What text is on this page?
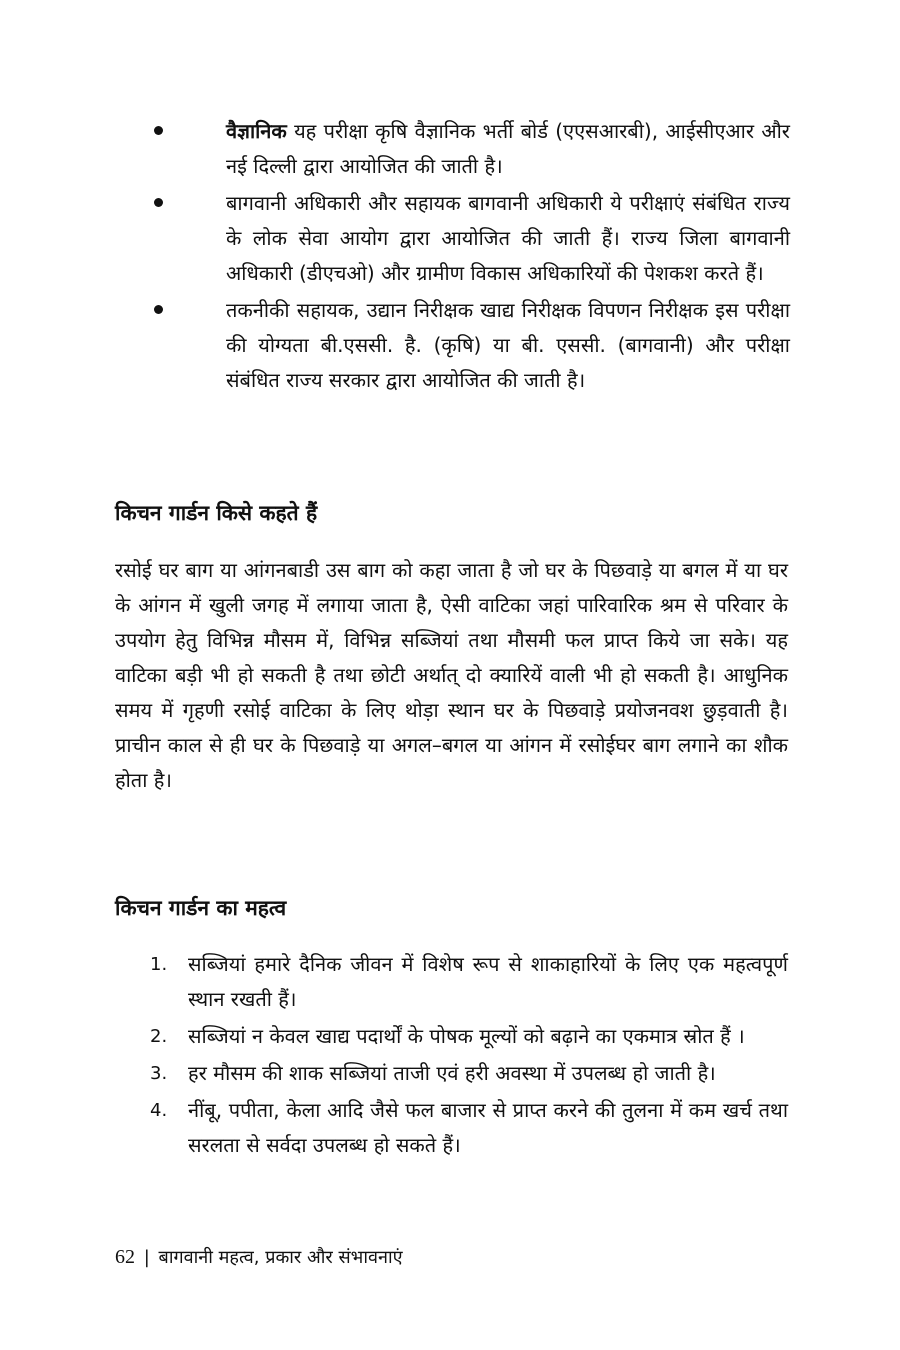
वैज्ञानिक यह परीक्षा कृषि वैज्ञानिक भर्ती बोर्ड (एएसआरबी), आईसीएआर और नई दिल्ली द्वारा आयोजित की जाती है।
बागवानी अधिकारी और सहायक बागवानी अधिकारी ये परीक्षाएं संबंधित राज्य के लोक सेवा आयोग द्वारा आयोजित की जाती हैं। राज्य जिला बागवानी अधिकारी (डीएचओ) और ग्रामीण विकास अधिकारियों की पेशकश करते हैं।
तकनीकी सहायक, उद्यान निरीक्षक खाद्य निरीक्षक विपणन निरीक्षक इस परीक्षा की योग्यता बी.एससी. है. (कृषि) या बी. एससी. (बागवानी) और परीक्षा संबंधित राज्य सरकार द्वारा आयोजित की जाती है।
किचन गार्डन किसे कहते हैं
रसोई घर बाग या आंगनबाडी उस बाग को कहा जाता है जो घर के पिछवाड़े या बगल में या घर के आंगन में खुली जगह में लगाया जाता है, ऐसी वाटिका जहां पारिवारिक श्रम से परिवार के उपयोग हेतु विभिन्न मौसम में, विभिन्न सब्जियां तथा मौसमी फल प्राप्त किये जा सके। यह वाटिका बड़ी भी हो सकती है तथा छोटी अर्थात् दो क्यारियें वाली भी हो सकती है। आधुनिक समय में गृहणी रसोई वाटिका के लिए थोड़ा स्थान घर के पिछवाड़े प्रयोजनवश छुड़वाती है। प्राचीन काल से ही घर के पिछवाड़े या अगल–बगल या आंगन में रसोईघर बाग लगाने का शौक होता है।
किचन गार्डन का महत्व
1. सब्जियां हमारे दैनिक जीवन में विशेष रूप से शाकाहारियों के लिए एक महत्वपूर्ण स्थान रखती हैं।
2. सब्जियां न केवल खाद्य पदार्थों के पोषक मूल्यों को बढ़ाने का एकमात्र स्रोत हैं ।
3. हर मौसम की शाक सब्जियां ताजी एवं हरी अवस्था में उपलब्ध हो जाती है।
4. नींबू, पपीता, केला आदि जैसे फल बाजार से प्राप्त करने की तुलना में कम खर्च तथा सरलता से सर्वदा उपलब्ध हो सकते हैं।
62 | बागवानी महत्व, प्रकार और संभावनाएं
